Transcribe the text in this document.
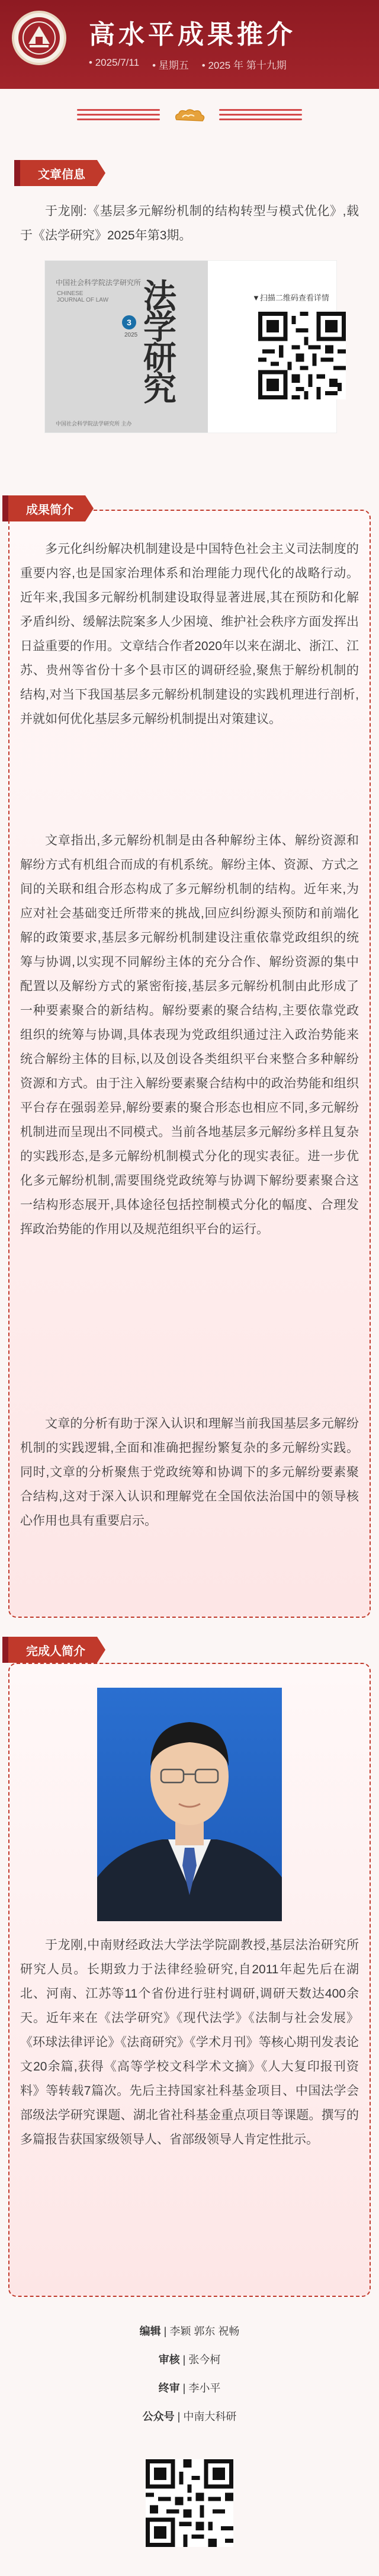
高水平成果推介
• 2025/7/11	• 星期五	• 2025 年 第十九期
文章信息
于龙刚:《基层多元解纷机制的结构转型与模式优化》,载于《法学研究》2025年第3期。
中国社会科学院法学研究所
CHINESE JOURNAL OF LAW
3
2025 法学研究
中国社会科学院法学研究所 主办
▼扫描二维码查看详情
成果简介
多元化纠纷解决机制建设是中国特色社会主义司法制度的重要内容,也是国家治理体系和治理能力现代化的战略行动。近年来,我国多元解纷机制建设取得显著进展,其在预防和化解矛盾纠纷、缓解法院案多人少困境、维护社会秩序方面发挥出日益重要的作用。文章结合作者2020年以来在湖北、浙江、江苏、贵州等省份十多个县市区的调研经验,聚焦于解纷机制的结构,对当下我国基层多元解纷机制建设的实践机理进行剖析,并就如何优化基层多元解纷机制提出对策建议。
文章指出,多元解纷机制是由各种解纷主体、解纷资源和解纷方式有机组合而成的有机系统。解纷主体、资源、方式之间的关联和组合形态构成了多元解纷机制的结构。近年来,为应对社会基础变迁所带来的挑战,回应纠纷源头预防和前端化解的政策要求,基层多元解纷机制建设注重依靠党政组织的统筹与协调,以实现不同解纷主体的充分合作、解纷资源的集中配置以及解纷方式的紧密衔接,基层多元解纷机制由此形成了一种要素聚合的新结构。解纷要素的聚合结构,主要依靠党政组织的统筹与协调,具体表现为党政组织通过注入政治势能来统合解纷主体的目标,以及创设各类组织平台来整合多种解纷资源和方式。由于注入解纷要素聚合结构中的政治势能和组织平台存在强弱差异,解纷要素的聚合形态也相应不同,多元解纷机制进而呈现出不同模式。当前各地基层多元解纷多样且复杂的实践形态,是多元解纷机制模式分化的现实表征。进一步优化多元解纷机制,需要围绕党政统筹与协调下解纷要素聚合这一结构形态展开,具体途径包括控制模式分化的幅度、合理发挥政治势能的作用以及规范组织平台的运行。
文章的分析有助于深入认识和理解当前我国基层多元解纷机制的实践逻辑,全面和准确把握纷繁复杂的多元解纷实践。同时,文章的分析聚焦于党政统筹和协调下的多元解纷要素聚合结构,这对于深入认识和理解党在全国依法治国中的领导核心作用也具有重要启示。
完成人简介
于龙刚,中南财经政法大学法学院副教授,基层法治研究所研究人员。长期致力于法律经验研究,自2011年起先后在湖北、河南、江苏等11个省份进行驻村调研,调研天数达400余天。近年来在《法学研究》《现代法学》《法制与社会发展》《环球法律评论》《法商研究》《学术月刊》等核心期刊发表论文20余篇,获得《高等学校文科学术文摘》《人大复印报刊资料》等转载7篇次。先后主持国家社科基金项目、中国法学会部级法学研究课题、湖北省社科基金重点项目等课题。撰写的多篇报告获国家级领导人、省部级领导人肯定性批示。
编辑 | 李颖 郭东 祝畅
审核 | 张今柯
终审 | 李小平
公众号 | 中南大科研
